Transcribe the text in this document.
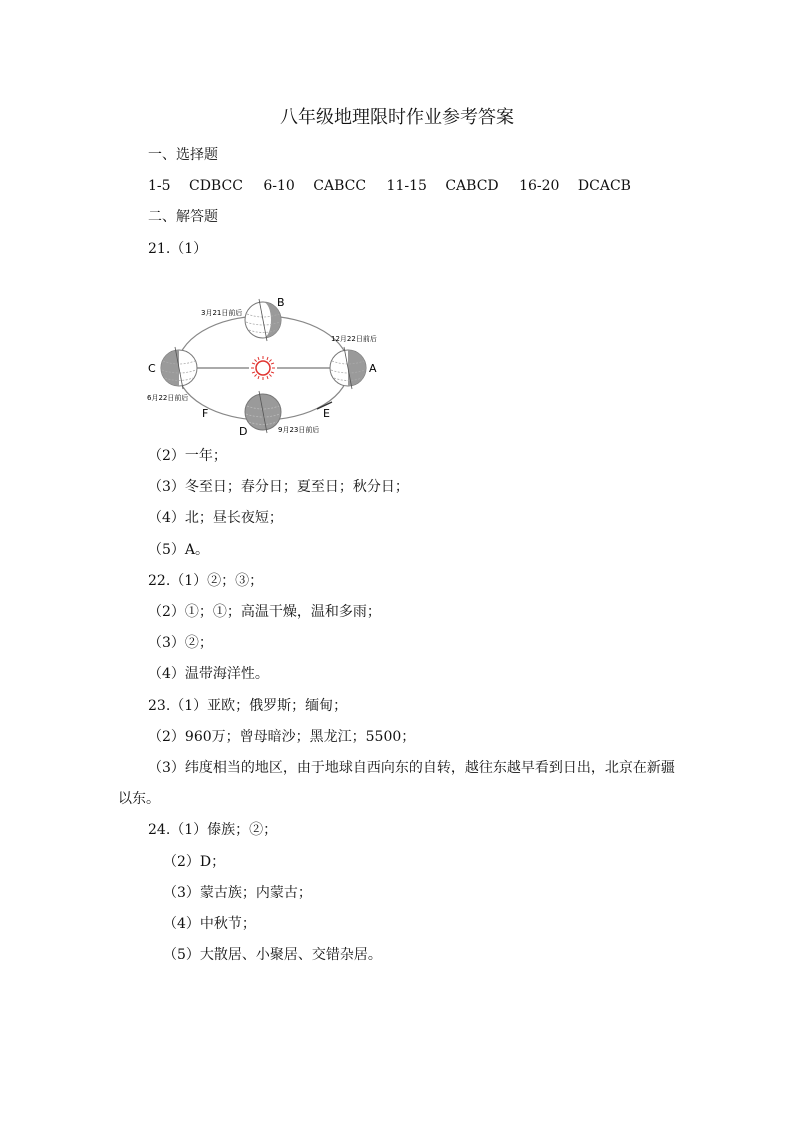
八年级地理限时作业参考答案
一、选择题
1-5 CDBCC 6-10 CABCC 11-15 CABCD 16-20 DCACB
二、解答题
21.（1）
B
3月21日前后
A
12月22日前后
C
6月22日前后
D	9月23日前后
E
F
（2）一年；
（3）冬至日；春分日；夏至日；秋分日；
（4）北；昼长夜短；
（5）A。
22.（1）②；③；
（2）①；①；高温干燥，温和多雨；
（3）②；
（4）温带海洋性。
23.（1）亚欧；俄罗斯；缅甸；
（2）960万；曾母暗沙；黑龙江；5500；
（3）纬度相当的地区，由于地球自西向东的自转，越往东越早看到日出，北京在新疆
以东。
24.（1）傣族；②；
（2）D；
（3）蒙古族；内蒙古；
（4）中秋节；
（5）大散居、小聚居、交错杂居。
